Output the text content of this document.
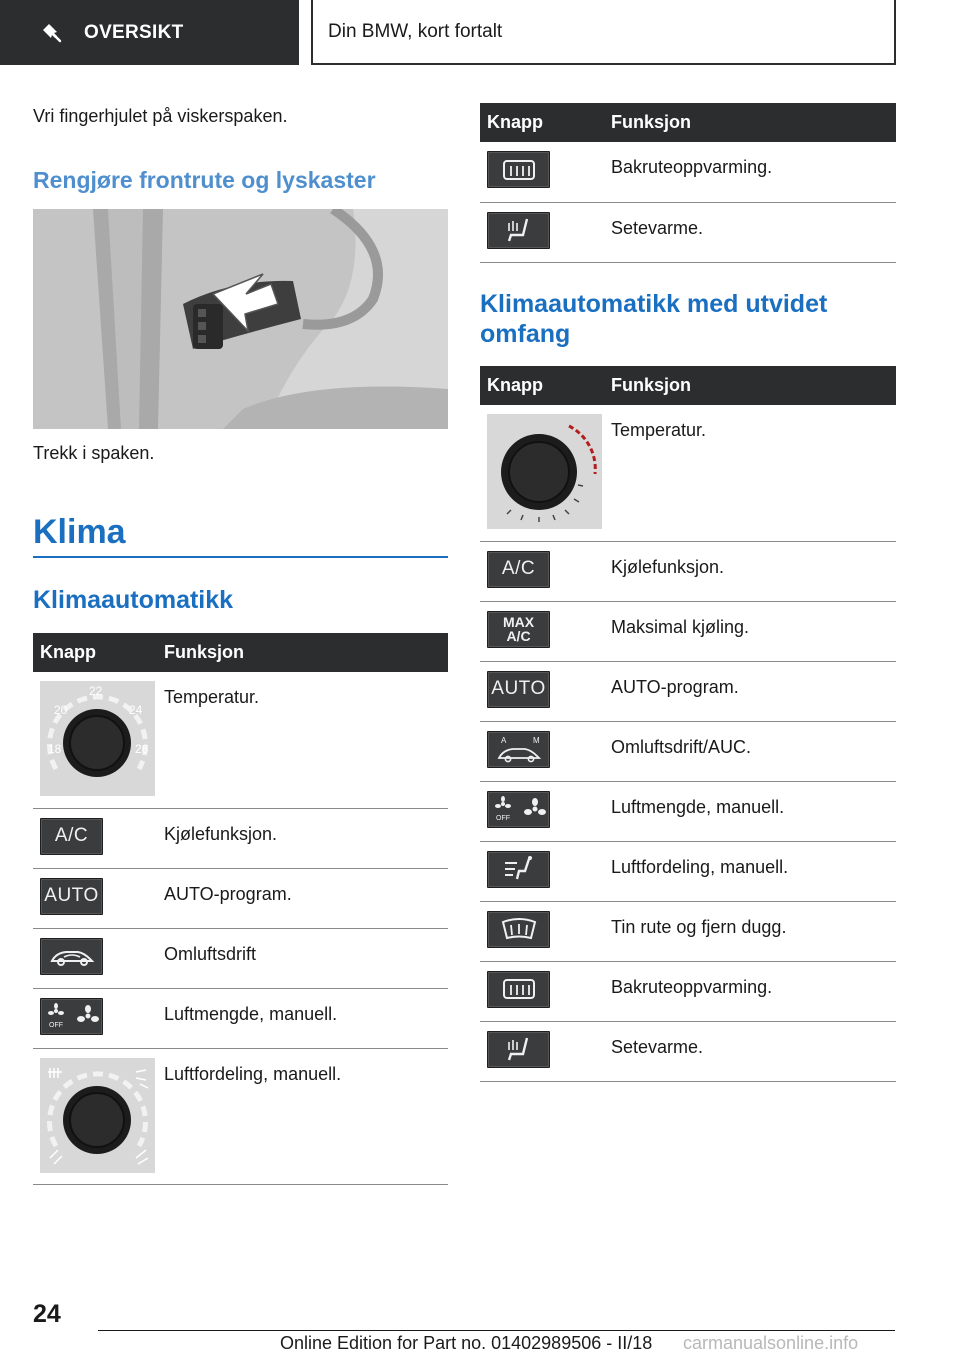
OVERSIKT	Din BMW, kort fortalt
Vri fingerhjulet på viskerspaken.
Rengjøre frontrute og lyskaster
Trekk i spaken.
Klima
Klimaautomatikk
Knapp	Funksjon

18
20
22
24
26	Temperatur.

A/C	Kjølefunksjon.

AUTO	AUTO-program.

	Omluftsdrift

OFF	Luftmengde, manuell.

	Luftfordeling, manuell.
Knapp	Funksjon

	Bakruteoppvarming.

	Setevarme.
Klimaautomatikk med utvidet omfang
Knapp	Funksjon

	Temperatur.

A/C	Kjølefunksjon.

MAX
A/C	Maksimal kjøling.

AUTO	AUTO-program.

A M	Omluftsdrift/AUC.

OFF	Luftmengde, manuell.

	Luftfordeling, manuell.

	Tin rute og fjern dugg.

	Bakruteoppvarming.

	Setevarme.
24
Online Edition for Part no. 01402989506 - II/18 carmanualsonline.info
